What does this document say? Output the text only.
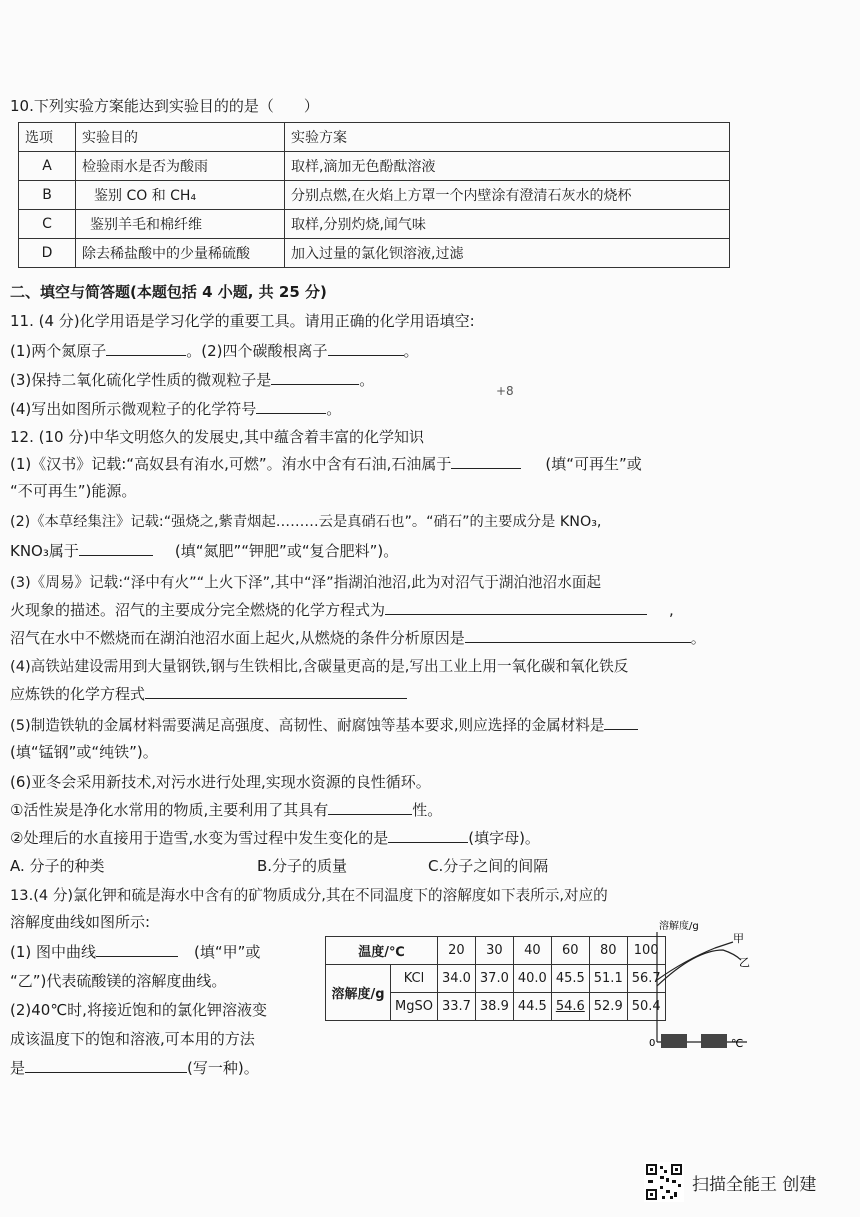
10.下列实验方案能达到实验目的的是（　　）
选项	实验目的	实验方案
A	检验雨水是否为酸雨	取样,滴加无色酚酞溶液
B	鉴别 CO 和 CH₄	分别点燃,在火焰上方罩一个内壁涂有澄清石灰水的烧杯
C	鉴别羊毛和棉纤维	取样,分别灼烧,闻气味
D	除去稀盐酸中的少量稀硫酸	加入过量的氯化钡溶液,过滤
二、填空与简答题(本题包括 4 小题, 共 25 分)
11. (4 分)化学用语是学习化学的重要工具。请用正确的化学用语填空:
(1)两个氮原子	。(2)四个碳酸根离子	。
(3)保持二氧化硫化学性质的微观粒子是	。
+8
(4)写出如图所示微观粒子的化学符号	。
12. (10 分)中华文明悠久的发展史,其中蕴含着丰富的化学知识
(1)《汉书》记载:“高奴县有洧水,可燃”。洧水中含有石油,石油属于	(填“可再生”或
“不可再生”)能源。
(2)《本草经集注》记载:“强烧之,紫青烟起………云是真硝石也”。“硝石”的主要成分是 KNO₃,
KNO₃属于	(填“氮肥”“钾肥”或“复合肥料”)。
(3)《周易》记载:“泽中有火”“上火下泽”,其中“泽”指湖泊池沼,此为对沼气于湖泊池沼水面起
火现象的描述。沼气的主要成分完全燃烧的化学方程式为	,
沼气在水中不燃烧而在湖泊池沼水面上起火,从燃烧的条件分析原因是	。
(4)高铁站建设需用到大量钢铁,钢与生铁相比,含碳量更高的是,写出工业上用一氧化碳和氧化铁反
应炼铁的化学方程式
(5)制造铁轨的金属材料需要满足高强度、高韧性、耐腐蚀等基本要求,则应选择的金属材料是
(填“锰钢”或“纯铁”)。
(6)亚冬会采用新技术,对污水进行处理,实现水资源的良性循环。
①活性炭是净化水常用的物质,主要利用了其具有	性。
②处理后的水直接用于造雪,水变为雪过程中发生变化的是	(填字母)。
A. 分子的种类	B.分子的质量	C.分子之间的间隔
13.(4 分)氯化钾和硫是海水中含有的矿物质成分,其在不同温度下的溶解度如下表所示,对应的
溶解度曲线如图所示:
(1) 图中曲线	(填“甲”或
“乙”)代表硫酸镁的溶解度曲线。
(2)40℃时,将接近饱和的氯化钾溶液变
成该温度下的饱和溶液,可本用的方法
是	(写一种)。
温度/℃		20	30	40	60	80	100
溶解度/g	KCl	34.0	37.0	40.0	45.5	51.1	56.7
	MgSO	33.7	38.9	44.5	54.6	52.9	50.4
溶解度/g
甲
乙
0	℃
扫描全能王 创建
